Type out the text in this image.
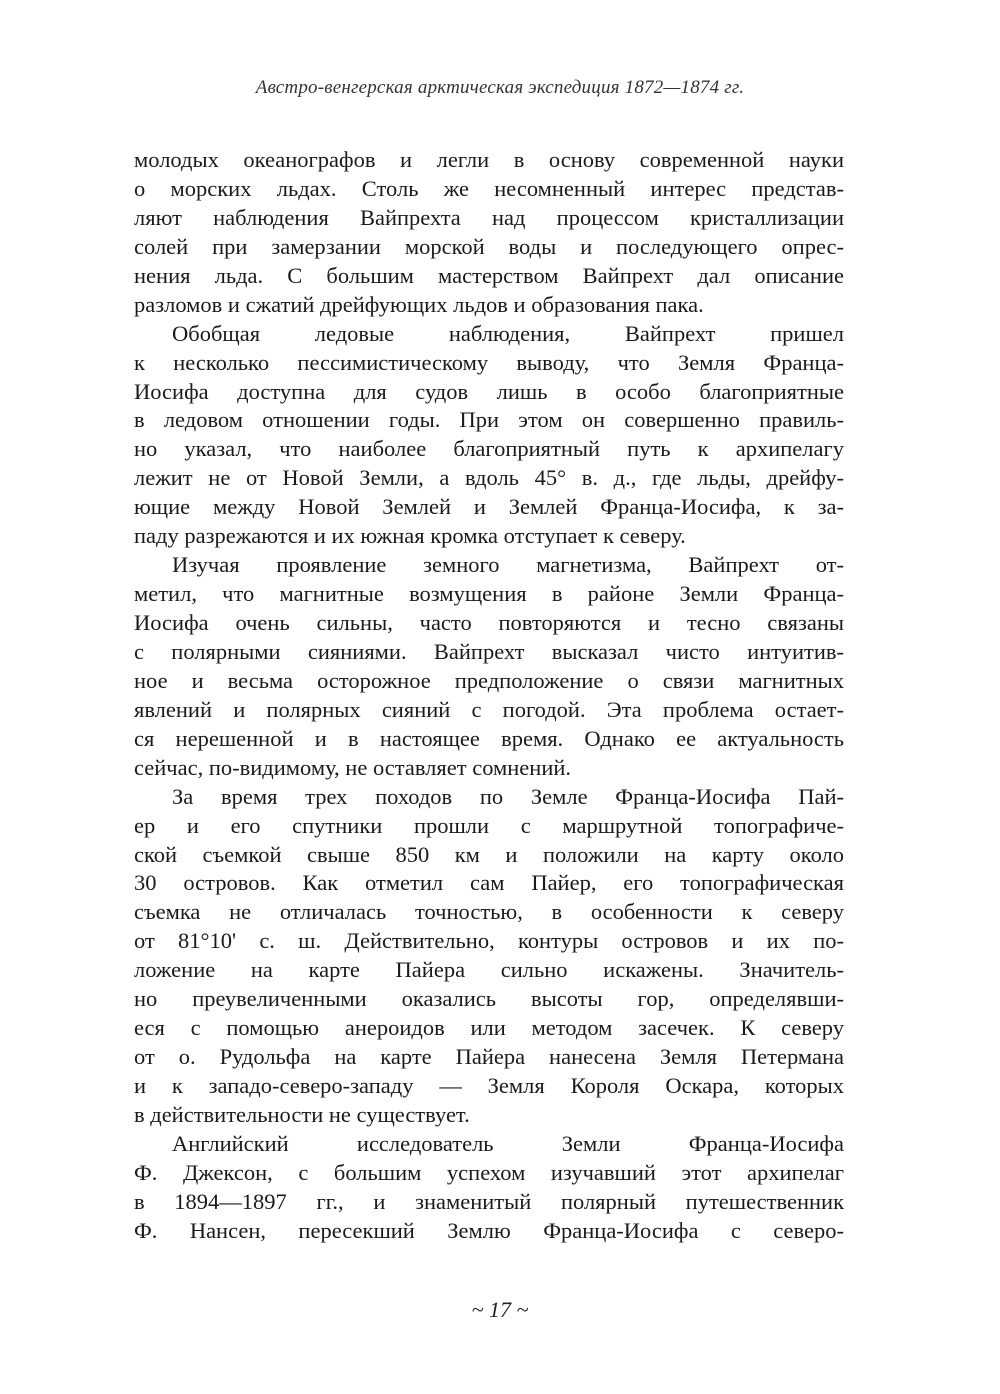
Австро-венгерская арктическая экспедиция 1872—1874 гг.
молодых океанографов и легли в основу современной науки
о морских льдах. Столь же несомненный интерес представ-
ляют наблюдения Вайпрехта над процессом кристаллизации
солей при замерзании морской воды и последующего опрес-
нения льда. С большим мастерством Вайпрехт дал описание
разломов и сжатий дрейфующих льдов и образования пака.
Обобщая ледовые наблюдения, Вайпрехт пришел
к несколько пессимистическому выводу, что Земля Франца-
Иосифа доступна для судов лишь в особо благоприятные
в ледовом отношении годы. При этом он совершенно правиль-
но указал, что наиболее благоприятный путь к архипелагу
лежит не от Новой Земли, а вдоль 45° в. д., где льды, дрейфу-
ющие между Новой Землей и Землей Франца-Иосифа, к за-
паду разрежаются и их южная кромка отступает к северу.
Изучая проявление земного магнетизма, Вайпрехт от-
метил, что магнитные возмущения в районе Земли Франца-
Иосифа очень сильны, часто повторяются и тесно связаны
с полярными сияниями. Вайпрехт высказал чисто интуитив-
ное и весьма осторожное предположение о связи магнитных
явлений и полярных сияний с погодой. Эта проблема остает-
ся нерешенной и в настоящее время. Однако ее актуальность
сейчас, по-видимому, не оставляет сомнений.
За время трех походов по Земле Франца-Иосифа Пай-
ер и его спутники прошли с маршрутной топографиче-
ской съемкой свыше 850 км и положили на карту около
30 островов. Как отметил сам Пайер, его топографическая
съемка не отличалась точностью, в особенности к северу
от 81°10' с. ш. Действительно, контуры островов и их по-
ложение на карте Пайера сильно искажены. Значитель-
но преувеличенными оказались высоты гор, определявши-
еся с помощью анероидов или методом засечек. К северу
от о. Рудольфа на карте Пайера нанесена Земля Петермана
и к западо-северо-западу — Земля Короля Оскара, которых
в действительности не существует.
Английский исследователь Земли Франца-Иосифа
Ф. Джексон, с большим успехом изучавший этот архипелаг
в 1894—1897 гг., и знаменитый полярный путешественник
Ф. Нансен, пересекший Землю Франца-Иосифа с северо-
~ 17 ~
